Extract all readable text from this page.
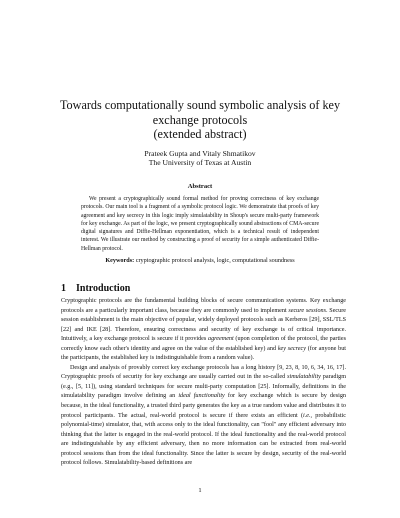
Towards computationally sound symbolic analysis of key
exchange protocols
(extended abstract)
Prateek Gupta and Vitaly Shmatikov
The University of Texas at Austin
Abstract

We present a cryptographically sound formal method for proving correctness of key exchange protocols. Our main tool is a fragment of a symbolic protocol logic. We demonstrate that proofs of key agreement and key secrecy in this logic imply simulatability in Shoup's secure multi-party framework for key exchange. As part of the logic, we present cryptographically sound abstractions of CMA-secure digital signatures and Diffie-Hellman exponentiation, which is a technical result of independent interest. We illustrate our method by constructing a proof of security for a simple authenticated Diffie-Hellman protocol.

Keywords: cryptographic protocol analysis, logic, computational soundness
1 Introduction

Cryptographic protocols are the fundamental building blocks of secure communication systems. Key exchange protocols are a particularly important class, because they are commonly used to implement secure sessions. Secure session establishment is the main objective of popular, widely deployed protocols such as Kerberos [29], SSL/TLS [22] and IKE [28]. Therefore, ensuring correctness and security of key exchange is of critical importance. Intuitively, a key exchange protocol is secure if it provides agreement (upon completion of the protocol, the parties correctly know each other's identity and agree on the value of the established key) and key secrecy (for anyone but the participants, the established key is indistinguishable from a random value).

Design and analysis of provably correct key exchange protocols has a long history [9, 23, 8, 10, 6, 34, 16, 17]. Cryptographic proofs of security for key exchange are usually carried out in the so-called simulatability paradigm (e.g., [5, 11]), using standard techniques for secure multi-party computation [25]. Informally, definitions in the simulatability paradigm involve defining an ideal functionality for key exchange which is secure by design because, in the ideal functionality, a trusted third party generates the key as a true random value and distributes it to protocol participants. The actual, real-world protocol is secure if there exists an efficient (i.e., probabilistic polynomial-time) simulator, that, with access only to the ideal functionality, can "fool" any efficient adversary into thinking that the latter is engaged in the real-world protocol. If the ideal functionality and the real-world protocol are indistinguishable by any efficient adversary, then no more information can be extracted from real-world protocol sessions than from the ideal functionality. Since the latter is secure by design, security of the real-world protocol follows. Simulatability-based definitions are

1
